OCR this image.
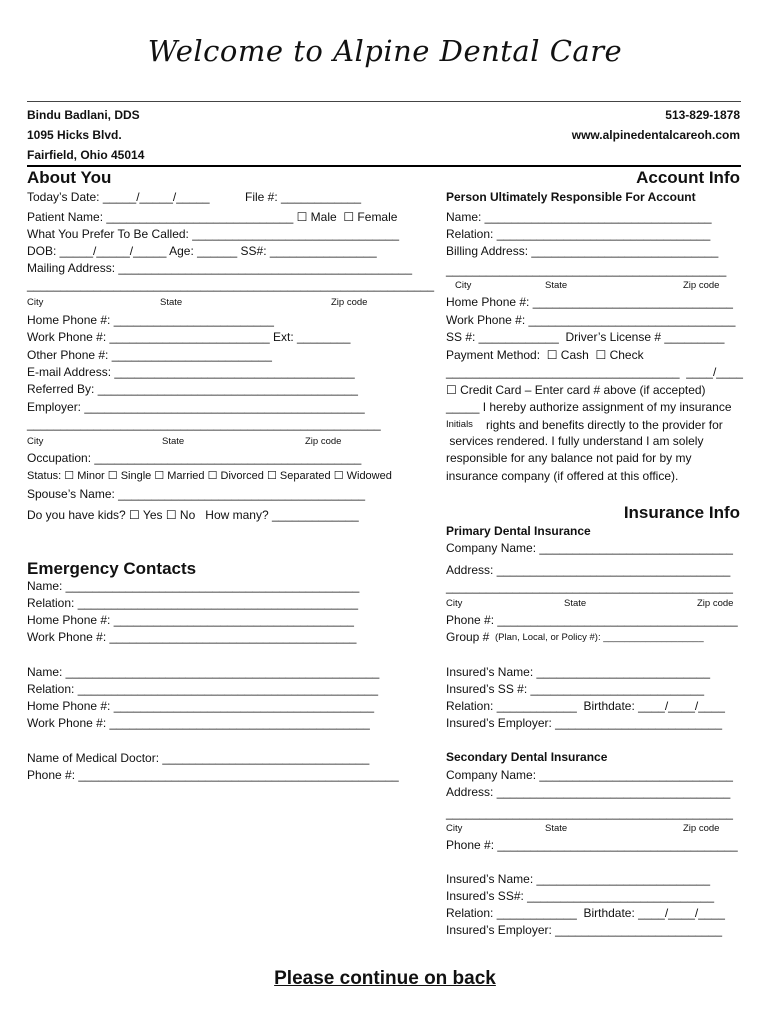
Welcome to Alpine Dental Care
Bindu Badlani, DDS
1095 Hicks Blvd.
Fairfield, Ohio 45014
513-829-1878
www.alpinedentalcareoh.com
About You
Today’s Date: _____/_____/_____	File #: ____________
Patient Name: ____________________________ ☐ Male  ☐ Female
What You Prefer To Be Called: _______________________________
DOB: _____/_____/_____ Age: ______ SS#: ________________
Mailing Address: ____________________________________________
_____________________________________________________________
City	State	Zip code
Home Phone #: ________________________
Work Phone #: ________________________ Ext: ________
Other Phone #: ________________________
E-mail Address: ____________________________________
Referred By: _______________________________________
Employer: __________________________________________
_____________________________________________________
City	State	Zip code
Occupation: ________________________________________
Status: ☐ Minor ☐ Single ☐ Married ☐ Divorced ☐ Separated ☐ Widowed
Spouse’s Name: _____________________________________
Do you have kids? ☐ Yes ☐ No   How many? _____________
Emergency Contacts
Name: ____________________________________________
Relation: __________________________________________
Home Phone #: ____________________________________
Work Phone #: _____________________________________
Name: _______________________________________________
Relation: _____________________________________________
Home Phone #: _______________________________________
Work Phone #: _______________________________________
Name of Medical Doctor: _______________________________
Phone #: ________________________________________________
Account Info
Person Ultimately Responsible For Account
Name: __________________________________
Relation: ________________________________
Billing Address: ____________________________
__________________________________________
City	State	Zip code
Home Phone #: ______________________________
Work Phone #: _______________________________
SS #: ____________  Driver’s License # _________
Payment Method:  ☐ Cash  ☐ Check
___________________________________  ____/____
☐ Credit Card – Enter card # above (if accepted)
_____ I hereby authorize assignment of my insurance
Initials rights and benefits directly to the provider for
services rendered. I fully understand I am solely
responsible for any balance not paid for by my
insurance company (if offered at this office).
Insurance Info
Primary Dental Insurance
Company Name: _____________________________
Address: ___________________________________
___________________________________________
City	State	Zip code
Phone #: ____________________________________
Group # (Plan, Local, or Policy #): ___________________
Insured’s Name: __________________________
Insured’s SS #: __________________________
Relation: ____________  Birthdate: ____/____/____
Insured’s Employer: _________________________
Secondary Dental Insurance
Company Name: _____________________________
Address: ___________________________________
___________________________________________
City	State	Zip code
Phone #: ____________________________________
Insured’s Name: __________________________
Insured’s SS#: ____________________________
Relation: ____________  Birthdate: ____/____/____
Insured’s Employer: _________________________
Please continue on back
